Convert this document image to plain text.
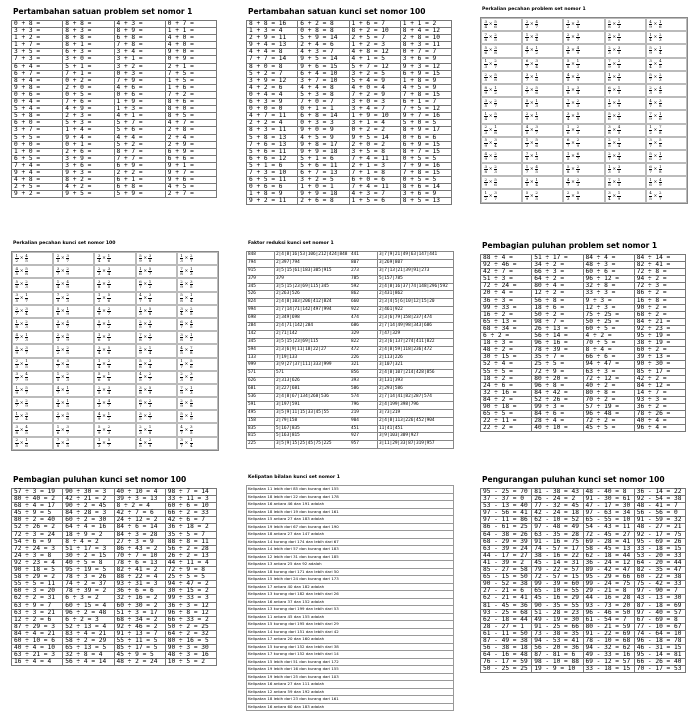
Pertambahan satuan problem set nomor 1
0 + 8 =	8 + 8 =	4 + 3 =	0 + 7 =
3 + 3 =	8 + 3 =	8 + 9 =	1 + 1 =
1 + 2 =	8 + 8 =	6 + 8 =	4 + 0 =
1 + 7 =	8 + 1 =	7 + 8 =	4 + 0 =
3 + 5 =	6 + 3 =	3 + 4 =	9 + 0 =
7 + 3 =	3 + 0 =	3 + 1 =	0 + 9 =
6 + 4 =	5 + 1 =	3 + 2 =	2 + 1 =
6 + 7 =	7 + 1 =	0 + 3 =	7 + 5 =
8 + 4 =	0 + 2 =	7 + 9 =	1 + 5 =
9 + 8 =	2 + 0 =	4 + 6 =	1 + 6 =
0 + 6 =	0 + 5 =	0 + 6 =	7 + 2 =
0 + 4 =	7 + 6 =	1 + 9 =	8 + 6 =
5 + 4 =	4 + 9 =	1 + 3 =	8 + 0 =
5 + 8 =	2 + 3 =	4 + 1 =	8 + 5 =
6 + 0 =	5 + 3 =	5 + 7 =	4 + 7 =
3 + 7 =	1 + 4 =	5 + 6 =	2 + 8 =
5 + 5 =	9 + 4 =	4 + 4 =	2 + 4 =
0 + 0 =	0 + 1 =	5 + 2 =	2 + 9 =
1 + 0 =	2 + 6 =	8 + 7 =	6 + 9 =
6 + 5 =	3 + 9 =	7 + 7 =	6 + 6 =
7 + 4 =	3 + 6 =	6 + 9 =	9 + 1 =
9 + 4 =	9 + 3 =	2 + 2 =	9 + 7 =
4 + 8 =	8 + 2 =	6 + 1 =	9 + 6 =
2 + 5 =	4 + 2 =	6 + 8 =	4 + 5 =
9 + 2 =	9 + 5 =	5 + 9 =	2 + 7 =
Pertambahan satuan kunci set nomor 100
8 + 8 = 16	6 + 2 = 8	1 + 6 = 7	1 + 1 = 2
1 + 3 = 4	0 + 8 = 8	8 + 2 = 10	8 + 4 = 12
2 + 9 = 11	5 + 9 = 14	2 + 5 = 7	2 + 8 = 10
9 + 4 = 13	2 + 4 = 6	1 + 2 = 3	8 + 3 = 11
4 + 4 = 8	4 + 3 = 7	4 + 8 = 12	0 + 7 = 7
7 + 7 = 14	9 + 5 = 14	4 + 1 = 5	3 + 6 = 9
8 + 0 = 8	9 + 6 = 15	5 + 7 = 12	9 + 3 = 12
5 + 2 = 7	6 + 4 = 10	3 + 2 = 5	6 + 9 = 15
3 + 9 = 12	3 + 7 = 10	5 + 4 = 9	1 + 8 = 9
4 + 2 = 6	4 + 4 = 8	4 + 0 = 4	4 + 5 = 9
0 + 4 = 4	5 + 3 = 8	7 + 2 = 9	7 + 8 = 15
6 + 3 = 9	7 + 0 = 7	3 + 0 = 3	6 + 1 = 7
0 + 0 = 0	0 + 1 = 1	3 + 4 = 7	7 + 5 = 12
4 + 7 = 11	6 + 8 = 14	1 + 9 = 10	9 + 7 = 16
2 + 2 = 4	0 + 3 = 3	3 + 1 = 4	5 + 0 = 5
8 + 3 = 11	9 + 0 = 9	0 + 2 = 2	8 + 9 = 17
5 + 8 = 13	4 + 5 = 9	9 + 5 = 14	0 + 6 = 6
7 + 6 = 13	9 + 8 = 17	2 + 0 = 2	6 + 9 = 15
5 + 6 = 11	9 + 9 = 18	3 + 5 = 8	8 + 7 = 15
6 + 6 = 12	5 + 1 = 6	7 + 4 = 11	0 + 5 = 5
5 + 1 = 6	5 + 6 = 11	2 + 1 = 3	7 + 9 = 16
7 + 3 = 10	6 + 7 = 13	7 + 1 = 8	7 + 8 = 15
6 + 5 = 11	3 + 2 = 5	6 + 0 = 6	0 + 5 = 5
0 + 6 = 6	1 + 0 = 1	7 + 4 = 11	8 + 6 = 14
1 + 8 = 9	9 + 9 = 18	4 + 3 = 7	3 + 6 = 9
9 + 2 = 11	2 + 6 = 8	1 + 5 = 6	8 + 5 = 13
Perkalian pecahan problem set nomor 1
$\frac{3}{4} \times \frac{5}{6}$	$\frac{2}{3} \times \frac{4}{7}$	$\frac{1}{2} \times \frac{3}{5}$	$\frac{5}{8} \times \frac{2}{3}$	$\frac{4}{9} \times \frac{1}{6}$
$\frac{7}{8} \times \frac{2}{5}$	$\frac{1}{5} \times \frac{3}{4}$	$\frac{2}{9} \times \frac{3}{7}$	$\frac{3}{5} \times \frac{5}{6}$	$\frac{1}{4} \times \frac{2}{3}$
$\frac{5}{6} \times \frac{3}{8}$	$\frac{4}{7} \times \frac{1}{2}$	$\frac{3}{8} \times \frac{4}{9}$	$\frac{2}{3} \times \frac{3}{5}$	$\frac{5}{9} \times \frac{1}{4}$
$\frac{1}{3} \times \frac{2}{7}$	$\frac{6}{7} \times \frac{3}{4}$	$\frac{5}{8} \times \frac{1}{3}$	$\frac{7}{9} \times \frac{2}{5}$	$\frac{3}{4} \times \frac{4}{5}$
$\frac{2}{5} \times \frac{5}{8}$	$\frac{3}{7} \times \frac{1}{6}$	$\frac{4}{5} \times \frac{2}{9}$	$\frac{1}{6} \times \frac{3}{8}$	$\frac{5}{7} \times \frac{2}{3}$
$\frac{8}{9} \times \frac{1}{2}$	$\frac{2}{7} \times \frac{5}{6}$	$\frac{1}{8} \times \frac{3}{4}$	$\frac{6}{7} \times \frac{1}{5}$	$\frac{2}{3} \times \frac{4}{9}$
$\frac{3}{5} \times \frac{2}{7}$	$\frac{5}{6} \times \frac{1}{3}$	$\frac{7}{8} \times \frac{2}{3}$	$\frac{1}{2} \times \frac{5}{9}$	$\frac{4}{7} \times \frac{3}{8}$
$\frac{1}{4} \times \frac{5}{7}$	$\frac{2}{9} \times \frac{1}{3}$	$\frac{3}{4} \times \frac{5}{8}$	$\frac{5}{6} \times \frac{2}{5}$	$\frac{7}{9} \times \frac{1}{6}$
$\frac{2}{3} \times \frac{1}{8}$	$\frac{4}{5} \times \frac{3}{7}$	$\frac{1}{6} \times \frac{2}{3}$	$\frac{3}{8} \times \frac{4}{5}$	$\frac{1}{2} \times \frac{7}{8}$
$\frac{5}{9} \times \frac{3}{4}$	$\frac{1}{3} \times \frac{5}{6}$	$\frac{6}{7} \times \frac{2}{9}$	$\frac{2}{5} \times \frac{1}{4}$	$\frac{3}{7} \times \frac{5}{8}$
$\frac{4}{9} \times \frac{2}{5}$	$\frac{7}{8} \times \frac{1}{3}$	$\frac{1}{5} \times \frac{6}{7}$	$\frac{2}{7} \times \frac{3}{4}$	$\frac{5}{6} \times \frac{1}{2}$
$\frac{3}{8} \times \frac{2}{3}$	$\frac{1}{7} \times \frac{4}{5}$	$\frac{5}{8} \times \frac{2}{9}$	$\frac{1}{3} \times \frac{3}{5}$	$\frac{6}{7} \times \frac{1}{8}$
$\frac{2}{9} \times \frac{5}{6}$	$\frac{3}{5} \times \frac{1}{4}$	$\frac{4}{7} \times \frac{2}{3}$	$\frac{7}{8} \times \frac{1}{5}$	$\frac{1}{6} \times \frac{4}{9}$
$\frac{1}{2} \times \frac{3}{7}$	$\frac{5}{9} \times \frac{2}{5}$	$\frac{2}{3} \times \frac{5}{8}$	$\frac{3}{4} \times \frac{1}{9}$	$\frac{4}{5} \times \frac{2}{7}$
Perkalian pecahan kunci set nomor 100
$\frac{1}{2} \times \frac{4}{5}$	$\frac{2}{5} \times \frac{3}{7}$	$\frac{3}{4} \times \frac{1}{6}$	$\frac{5}{9} \times \frac{3}{8}$	$\frac{1}{3} \times \frac{2}{7}$
$\frac{4}{5} \times \frac{5}{8}$	$\frac{3}{7} \times \frac{2}{9}$	$\frac{2}{3} \times \frac{3}{4}$	$\frac{1}{6} \times \frac{5}{7}$	$\frac{7}{8} \times \frac{1}{3}$
$\frac{5}{6} \times \frac{2}{3}$	$\frac{1}{4} \times \frac{4}{9}$	$\frac{3}{8} \times \frac{2}{5}$	$\frac{6}{7} \times \frac{1}{2}$	$\frac{2}{9} \times \frac{3}{5}$
$\frac{3}{5} \times \frac{1}{7}$	$\frac{7}{9} \times \frac{2}{3}$	$\frac{1}{2} \times \frac{5}{6}$	$\frac{4}{7} \times \frac{3}{8}$	$\frac{5}{8} \times \frac{1}{4}$
$\frac{2}{7} \times \frac{3}{4}$	$\frac{5}{6} \times \frac{1}{9}$	$\frac{4}{9} \times \frac{2}{7}$	$\frac{1}{3} \times \frac{5}{8}$	$\frac{3}{4} \times \frac{2}{5}$
$\frac{1}{8} \times \frac{2}{3}$	$\frac{3}{5} \times \frac{4}{7}$	$\frac{5}{7} \times \frac{1}{2}$	$\frac{2}{5} \times \frac{3}{9}$	$\frac{6}{7} \times \frac{4}{5}$
$\frac{4}{7} \times \frac{1}{3}$	$\frac{2}{3} \times \frac{5}{9}$	$\frac{1}{6} \times \frac{3}{5}$	$\frac{7}{8} \times \frac{2}{7}$	$\frac{3}{8} \times \frac{1}{2}$
$\frac{5}{9} \times \frac{3}{7}$	$\frac{1}{2} \times \frac{2}{5}$	$\frac{3}{4} \times \frac{5}{6}$	$\frac{2}{9} \times \frac{1}{4}$	$\frac{4}{5} \times \frac{7}{8}$
$\frac{2}{3} \times \frac{1}{5}$	$\frac{6}{7} \times \frac{3}{8}$	$\frac{1}{4} \times \frac{2}{9}$	$\frac{5}{8} \times \frac{3}{4}$	$\frac{1}{7} \times \frac{5}{6}$
$\frac{3}{7} \times \frac{4}{9}$	$\frac{1}{5} \times \frac{2}{3}$	$\frac{5}{6} \times \frac{1}{8}$	$\frac{4}{5} \times \frac{2}{7}$	$\frac{2}{3} \times \frac{3}{5}$
$\frac{1}{9} \times \frac{5}{7}$	$\frac{4}{7} \times \frac{1}{2}$	$\frac{2}{5} \times \frac{3}{4}$	$\frac{3}{8} \times \frac{5}{9}$	$\frac{7}{9} \times \frac{1}{3}$
$\frac{5}{7} \times \frac{2}{9}$	$\frac{3}{4} \times \frac{1}{5}$	$\frac{1}{3} \times \frac{4}{7}$	$\frac{6}{7} \times \frac{2}{3}$	$\frac{2}{9} \times \frac{5}{8}$
$\frac{1}{2} \times \frac{3}{4}$	$\frac{2}{7} \times \frac{5}{6}$	$\frac{4}{9} \times \frac{1}{2}$	$\frac{3}{5} \times \frac{2}{7}$	$\frac{5}{6} \times \frac{1}{9}$
$\frac{3}{8} \times \frac{4}{5}$	$\frac{1}{6} \times \frac{3}{7}$	$\frac{5}{9} \times \frac{2}{3}$	$\frac{2}{3} \times \frac{1}{8}$	$\frac{4}{7} \times \frac{3}{5}$
$\frac{2}{5} \times \frac{1}{6}$	$\frac{7}{8} \times \frac{3}{5}$	$\frac{1}{3} \times \frac{5}{7}$	$\frac{4}{5} \times \frac{2}{9}$	$\frac{3}{7} \times \frac{1}{4}$
Faktor reduksi kunci set nomor 1
848	2|4|8|16|53|106|212|424|848 441	3|7|9|21|49|63|147|441
794	2|397|794	807	3|269|807
915	3|5|15|61|183|305|915	273	3|7|13|21|39|91|273
379	379	785	5|157|785
345	3|5|15|23|69|115|345	592	2|4|8|16|37|74|148|296|592
526	2|263|526	862	2|431|862
824	2|4|8|103|206|412|824	660	2|3|4|5|6|10|12|15|20
994	2|7|14|71|142|497|994	922	2|461|922
698	2|349|698	474	2|3|6|79|158|237|474
284	2|4|71|142|284	686	2|7|14|49|98|343|686
142	2|71|142	329	7|47|329
345	3|5|15|23|69|115	822	2|3|6|137|274|411|822
594	2|3|6|9|11|18|22|27	472	2|4|8|59|118|236|472
133	7|19|133	226	2|113|226
999	3|9|27|37|111|333|999	321	3|107|321
571	571	856	2|4|8|107|214|428|856
626	2|313|626	393	3|131|393
681	3|227|681	586	2|293|586
536	2|4|8|67|134|268|536	574	2|7|14|41|82|287|574
591	3|197|591	796	2|4|199|398|796
495	3|5|9|11|15|33|45|55	219	3|73|219
158	2|79|158	904	2|4|8|113|226|452|904
835	5|167|835	451	11|41|451
815	5|163|815	927	3|9|103|309|927
225	3|5|9|15|25|45|75|225	957	3|11|29|33|87|319|957
Pembagian puluhan problem set nomor 1
88 ÷ 4 =	51 ÷ 17 =	84 ÷ 4 =	84 ÷ 14 =
92 ÷ 46 =	34 ÷ 2 =	48 ÷ 3 =	82 ÷ 41 =
42 ÷ 7 =	66 ÷ 3 =	60 ÷ 6 =	72 ÷ 8 =
51 ÷ 3 =	64 ÷ 2 =	96 ÷ 12 =	94 ÷ 2 =
72 ÷ 24 =	80 ÷ 4 =	32 ÷ 8 =	72 ÷ 3 =
20 ÷ 4 =	12 ÷ 2 =	33 ÷ 3 =	86 ÷ 2 =
36 ÷ 3 =	56 ÷ 8 =	9 ÷ 3 =	16 ÷ 8 =
99 ÷ 33 =	18 ÷ 6 =	12 ÷ 3 =	90 ÷ 2 =
16 ÷ 2 =	50 ÷ 2 =	75 ÷ 25 =	68 ÷ 2 =
65 ÷ 13 =	98 ÷ 7 =	50 ÷ 25 =	84 ÷ 21 =
68 ÷ 34 =	26 ÷ 13 =	60 ÷ 5 =	92 ÷ 23 =
6 ÷ 2 =	56 ÷ 14 =	4 ÷ 2 =	95 ÷ 19 =
18 ÷ 3 =	96 ÷ 16 =	70 ÷ 5 =	38 ÷ 19 =
48 ÷ 2 =	78 ÷ 39 =	8 ÷ 4 =	60 ÷ 2 =
30 ÷ 15 =	35 ÷ 7 =	66 ÷ 6 =	39 ÷ 13 =
52 ÷ 4 =	25 ÷ 5 =	94 ÷ 47 =	90 ÷ 30 =
55 ÷ 5 =	72 ÷ 9 =	63 ÷ 3 =	85 ÷ 17 =
18 ÷ 2 =	80 ÷ 20 =	72 ÷ 12 =	42 ÷ 2 =
24 ÷ 6 =	96 ÷ 8 =	40 ÷ 2 =	84 ÷ 12 =
32 ÷ 16 =	84 ÷ 42 =	80 ÷ 8 =	14 ÷ 7 =
84 ÷ 2 =	52 ÷ 26 =	70 ÷ 2 =	93 ÷ 3 =
90 ÷ 18 =	99 ÷ 3 =	57 ÷ 19 =	36 ÷ 2 =
65 ÷ 5 =	84 ÷ 6 =	96 ÷ 48 =	78 ÷ 26 =
22 ÷ 11 =	28 ÷ 4 =	72 ÷ 2 =	40 ÷ 4 =
22 ÷ 2 =	40 ÷ 10 =	45 ÷ 5 =	96 ÷ 4 =
Pembagian puluhan kunci set nomor 100
57 ÷ 3 = 19	90 ÷ 30 = 3	40 ÷ 10 = 4	98 ÷ 7 = 14
80 ÷ 40 = 2	42 ÷ 21 = 2	39 ÷ 3 = 13	33 ÷ 11 = 3
68 ÷ 4 = 17	90 ÷ 2 = 45	8 ÷ 2 = 4	60 ÷ 6 = 10
45 ÷ 9 = 5	84 ÷ 28 = 3	42 ÷ 7 = 6	66 ÷ 2 = 33
80 ÷ 2 = 40	60 ÷ 2 = 30	24 ÷ 12 = 2	42 ÷ 6 = 7
52 ÷ 26 = 2	64 ÷ 4 = 16	84 ÷ 6 = 14	36 ÷ 18 = 2
72 ÷ 3 = 24	18 ÷ 9 = 2	84 ÷ 3 = 28	35 ÷ 5 = 7
54 ÷ 6 = 9	8 ÷ 4 = 2	27 ÷ 3 = 9	88 ÷ 8 = 11
72 ÷ 24 = 3	51 ÷ 17 = 3	86 ÷ 43 = 2	56 ÷ 2 = 28
24 ÷ 3 = 8	30 ÷ 2 = 15	70 ÷ 7 = 10	26 ÷ 2 = 13
92 ÷ 23 = 4	40 ÷ 5 = 8	78 ÷ 6 = 13	44 ÷ 11 = 4
90 ÷ 18 = 5	95 ÷ 19 = 5	82 ÷ 41 = 2	72 ÷ 9 = 8
58 ÷ 29 = 2	78 ÷ 3 = 26	88 ÷ 22 = 4	25 ÷ 5 = 5
55 ÷ 5 = 11	74 ÷ 2 = 37	93 ÷ 31 = 3	94 ÷ 47 = 2
60 ÷ 3 = 20	78 ÷ 39 = 2	36 ÷ 6 = 6	30 ÷ 15 = 2
62 ÷ 2 = 31	6 ÷ 3 = 2	32 ÷ 16 = 2	99 ÷ 33 = 3
63 ÷ 9 = 7	60 ÷ 15 = 4	60 ÷ 30 = 2	36 ÷ 3 = 12
63 ÷ 3 = 21	96 ÷ 2 = 48	51 ÷ 3 = 17	96 ÷ 8 = 12
12 ÷ 2 = 6	6 ÷ 2 = 3	68 ÷ 34 = 2	66 ÷ 33 = 2
87 ÷ 29 = 3	52 ÷ 13 = 4	92 ÷ 46 = 2	50 ÷ 2 = 25
84 ÷ 4 = 21	83 ÷ 4 = 21	91 ÷ 13 = 7	64 ÷ 2 = 32
60 ÷ 10 = 6	58 ÷ 2 = 29	55 ÷ 11 = 5	80 ÷ 16 = 5
40 ÷ 4 = 10	65 ÷ 13 = 5	85 ÷ 17 = 5	90 ÷ 3 = 30
63 ÷ 21 = 3	32 ÷ 8 = 4	45 ÷ 9 = 5	48 ÷ 3 = 16
16 ÷ 4 = 4	56 ÷ 4 = 14	48 ÷ 2 = 24	10 ÷ 5 = 2
Kelipatan bilalan kunci set nomor 1
Kelipatan 11 lebih dari 85 dan kurang dari 155
Kelipatan 18 lebih dari 22 dan kurang dari 178
Kelipatan 16 antara 46 dan 191 adalah
Kelipatan 18 lebih dari 19 dan kurang dari 161
Kelipatan 15 antara 27 dan 183 adalah
Kelipatan 19 lebih dari 67 dan kurang dari 190
Kelipatan 18 antara 27 dan 147 adalah
Kelipatan 14 kurang dari 174 dan lebih dari 67
Kelipatan 14 lebih dari 57 dan kurang dari 183
Kelipatan 12 lebih dari 31 dan kurang dari 185
Kelipatan 13 antara 25 dan 92 adalah
Kelipatan 18 kurang dari 171 dan lebih dari 50
Kelipatan 15 lebih dari 24 dan kurang dari 173
Kelipatan 17 antara 40 dan 182 adalah
Kelipatan 13 kurang dari 182 dan lebih dari 26
Kelipatan 16 antara 37 dan 152 adalah
Kelipatan 13 kurang dari 199 dan lebih dari 53
Kelipatan 11 antara 45 dan 155 adalah
Kelipatan 15 kurang dari 195 dan lebih dari 29
Kelipatan 14 kurang dari 151 dan lebih dari 42
Kelipatan 17 antara 20 dan 160 adalah
Kelipatan 15 kurang dari 152 dan lebih dari 38
Kelipatan 17 kurang dari 152 dan lebih dari 14
Kelipatan 15 lebih dari 51 dan kurang dari 172
Kelipatan 19 lebih dari 16 dan kurang dari 155
Kelipatan 19 lebih dari 25 dan kurang dari 103
Kelipatan 16 antara 27 dan 111 adalah
Kelipatan 12 antara 59 dan 192 adalah
Kelipatan 18 lebih dari 23 dan kurang dari 161
Kelipatan 16 antara 60 dan 183 adalah
Pengurangan puluhan kunci set nomor 100
95 - 25 = 70	81 - 38 = 43	48 - 40 = 8	36 - 14 = 22
37 - 37 = 0	26 - 24 = 2	91 - 30 = 61	92 - 54 = 38
53 - 13 = 40	77 - 32 = 45	47 - 17 = 30	48 - 41 = 7
97 - 56 = 41	42 - 24 = 18	97 - 63 = 34	56 - 56 = 0
97 - 11 = 86	62 - 10 = 52	65 - 55 = 10	91 - 59 = 32
86 - 61 = 25	97 - 48 = 49	54 - 43 = 11	48 - 27 = 21
64 - 38 = 26	63 - 35 = 28	72 - 45 = 27	92 - 17 = 75
68 - 29 = 39	91 - 16 = 75	69 - 28 = 41	95 - 69 = 26
63 - 39 = 24	74 - 57 = 17	58 - 45 = 13	33 - 18 = 15
44 - 17 = 27	38 - 16 = 22	62 - 18 = 44	53 - 20 = 33
41 - 39 = 2	45 - 14 = 31	36 - 24 = 12	64 - 20 = 44
85 - 27 = 58	79 - 22 = 57	89 - 42 = 47	82 - 35 = 47
65 - 15 = 50	72 - 57 = 15	95 - 29 = 66	60 - 22 = 38
90 - 52 = 38	99 - 39 = 60	99 - 24 = 75	75 - 42 = 33
27 - 21 = 6	65 - 10 = 55	29 - 21 = 8	97 - 90 = 7
62 - 21 = 41	45 - 16 = 29	44 - 16 = 28	43 - 13 = 30
81 - 45 = 36	90 - 35 = 55	93 - 73 = 20	87 - 18 = 69
93 - 25 = 68	51 - 28 = 23	96 - 46 = 50	97 - 40 = 57
62 - 18 = 44	49 - 19 = 30	61 - 54 = 7	67 - 69 = 8
28 - 27 = 1	91 - 25 = 66	80 - 21 = 59	77 - 10 = 67
61 - 11 = 50	73 - 38 = 35	91 - 22 = 69	74 - 64 = 10
87 - 49 = 38	94 - 53 = 41	78 - 10 = 68	96 - 18 = 78
56 - 38 = 18	56 - 20 = 36	94 - 32 = 62	46 - 31 = 15
64 - 16 = 48	87 - 81 = 6	49 - 33 = 16	95 - 14 = 81
76 - 17 = 59	98 - 10 = 88	69 - 12 = 57	66 - 26 = 40
50 - 25 = 25	19 - 9 = 10	33 - 18 = 15	70 - 17 = 53
